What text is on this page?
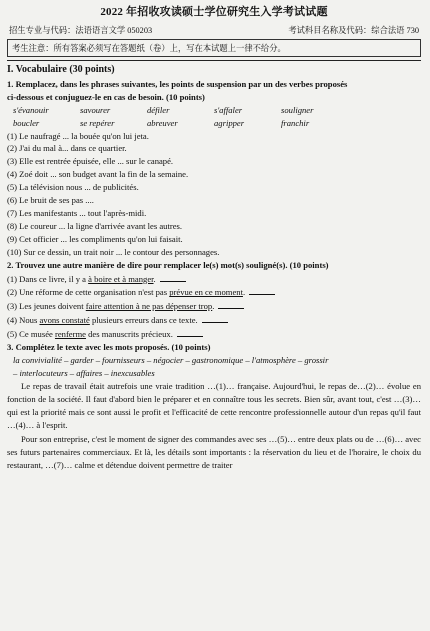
2022 年招收攻读硕士学位研究生入学考试试题
招生专业与代码：法语语言文学 050203	考试科目名称及代码：综合法语 730
考生注意：所有答案必须写在答题纸（卷）上，写在本试题上一律不给分。
I. Vocabulaire (30 points)

1. Remplacez, dans les phrases suivantes, les points de suspension par un des verbes proposés

ci-dessous et conjuguez-le en cas de besoin. (10 points)

s'évanouir	savourer	défiler	s'affaler	souligner
boucler	se repérer	abreuver	agripper	franchir

(1) Le naufragé ... la bouée qu'on lui jeta.

(2) J'ai du mal à... dans ce quartier.

(3) Elle est rentrée épuisée, elle ... sur le canapé.

(4) Zoé doit ... son budget avant la fin de la semaine.

(5) La télévision nous ... de publicités.

(6) Le bruit de ses pas ....

(7) Les manifestants ... tout l'après-midi.

(8) Le coureur ... la ligne d'arrivée avant les autres.

(9) Cet officier ... les compliments qu'on lui faisait.

(10) Sur ce dessin, un trait noir ... le contour des personnages.

2. Trouvez une autre manière de dire pour remplacer le(s) mot(s) souligné(s). (10 points)

(1) Dans ce livre, il y a à boire et à manger.

(2) Une réforme de cette organisation n'est pas prévue en ce moment.

(3) Les jeunes doivent faire attention à ne pas dépenser trop.

(4) Nous avons constaté plusieurs erreurs dans ce texte.

(5) Ce musée renferme des manuscrits précieux.

3. Complétez le texte avec les mots proposés. (10 points)

la convivialité – garder – fournisseurs – négocier – gastronomique – l'atmosphère – grossir

– interlocuteurs – affaires – inexcusables

Le repas de travail était autrefois une vraie tradition …(1)… française. Aujourd'hui, le repas de…(2)… évolue en fonction de la société. Il faut d'abord bien le préparer et en connaître tous les secrets. Bien sûr, avant tout, c'est …(3)… qui est la priorité mais ce sont aussi le profit et l'efficacité de cette rencontre professionnelle autour d'un repas qu'il faut …(4)… à l'esprit.

Pour son entreprise, c'est le moment de signer des commandes avec ses …(5)… entre deux plats ou de …(6)… avec ses futurs partenaires commerciaux. Et là, les détails sont importants : la réservation du lieu et de l'horaire, le choix du restaurant, …(7)… calme et détendue doivent permettre de traiter
